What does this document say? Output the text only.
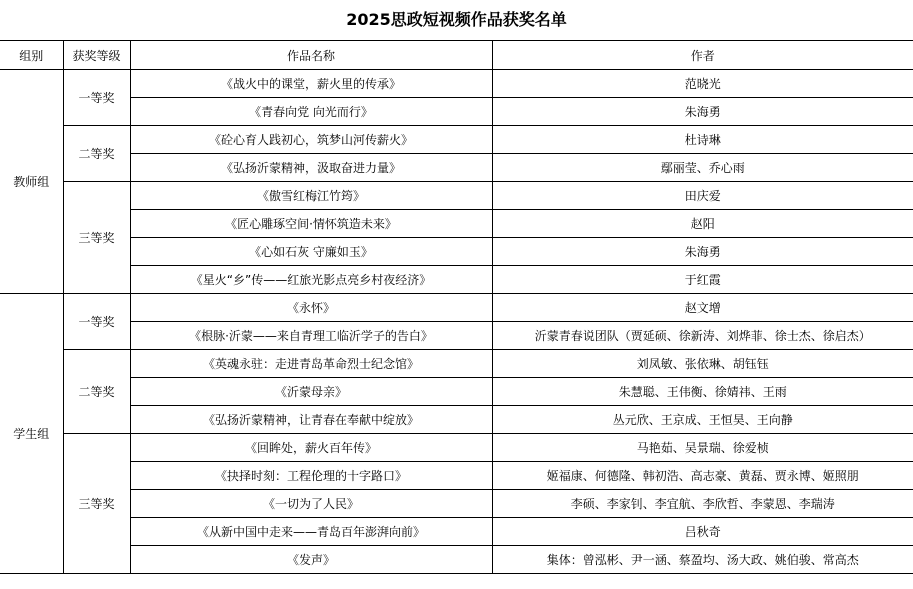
2025思政短视频作品获奖名单
组别	获奖等级	作品名称	作者
教师组	一等奖	《战火中的课堂，薪火里的传承》	范晓光
		《青春向党 向光而行》	朱海勇
	二等奖	《砼心育人践初心，筑梦山河传薪火》	杜诗琳
		《弘扬沂蒙精神，汲取奋进力量》	鄢丽莹、乔心雨
	三等奖	《傲雪红梅江竹筠》	田庆爱
		《匠心雕琢空间·情怀筑造未来》	赵阳
		《心如石灰 守廉如玉》	朱海勇
		《星火“乡”传——红旅光影点亮乡村夜经济》	于红霞
学生组	一等奖	《永怀》	赵文增
		《根脉·沂蒙——来自青理工临沂学子的告白》	沂蒙青春说团队（贾延硕、徐新涛、刘烨菲、徐士杰、徐启杰）
	二等奖	《英魂永驻：走进青岛革命烈士纪念馆》	刘凤敏、张依琳、胡钰钰
		《沂蒙母亲》	朱慧聪、王伟衡、徐婧祎、王雨
		《弘扬沂蒙精神，让青春在奉献中绽放》	丛元欣、王京成、王恒昊、王向静
	三等奖	《回眸处，薪火百年传》	马艳茹、吴景瑞、徐爱桢
		《抉择时刻：工程伦理的十字路口》	姬福康、何德隆、韩初浩、高志豪、黄磊、贾永博、姬照朋
		《一切为了人民》	李硕、李家钊、李宜航、李欣哲、李蒙恩、李瑞涛
		《从新中国中走来——青岛百年澎湃向前》	吕秋奇
		《发声》	集体：曾泓彬、尹一涵、蔡盈均、汤大政、姚伯骏、常高杰
